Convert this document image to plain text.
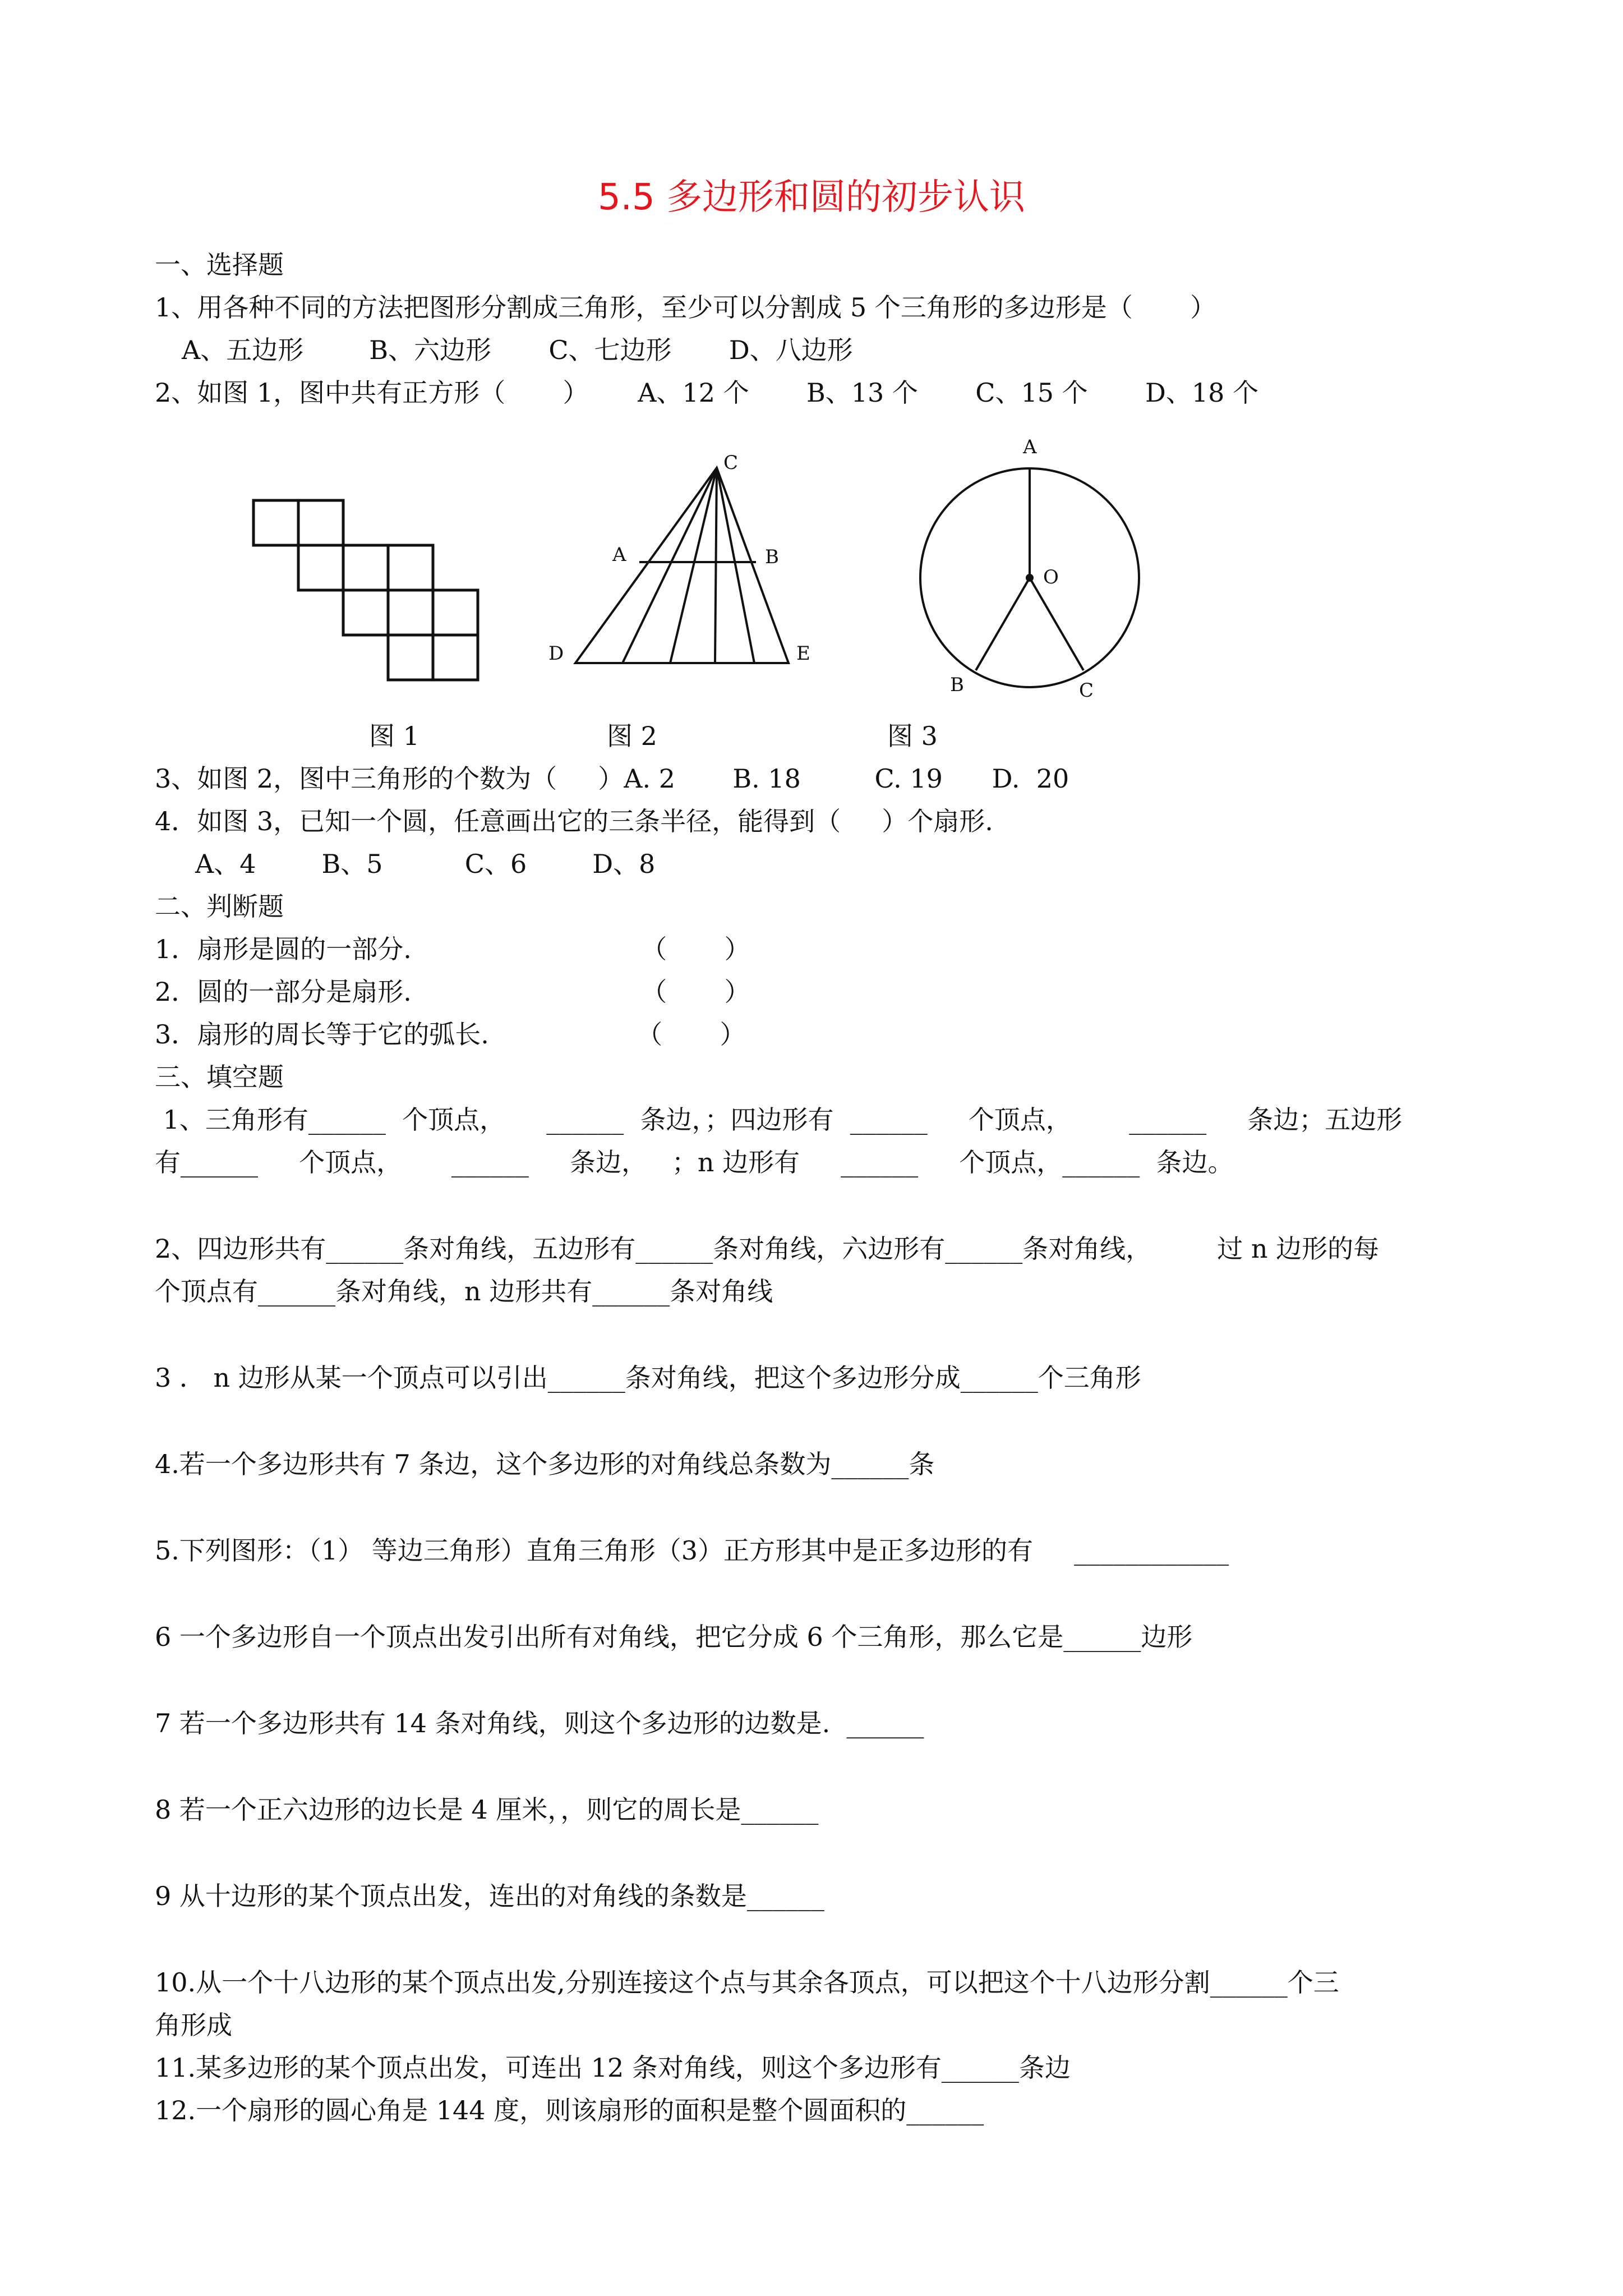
5.5 多边形和圆的初步认识
一、选择题
1、用各种不同的方法把图形分割成三角形，至少可以分割成 5 个三角形的多边形是（       ）
A、五边形        B、六边形       C、七边形       D、八边形
2、如图 1，图中共有正方形（       ）      A、12 个       B、13 个       C、15 个       D、18 个
C
A	B
D	E
A
O
B	C
图 1	图 2	图 3
3、如图 2，图中三角形的个数为（     ）A. 2       B. 18         C. 19      D.  20
4．如图 3，已知一个圆，任意画出它的三条半径，能得到（     ）个扇形.
A、4        B、5          C、6        D、8
二、判断题
1．扇形是圆的一部分.                            （       ）
2．圆的一部分是扇形.                            （       ）
3．扇形的周长等于它的弧长.                  （       ）
三、填空题
1、三角形有______  个顶点，     ______  条边，；四边形有  ______     个顶点，       ______     条边；五边形
有______     个顶点，      ______     条边，   ；n 边形有     ______     个顶点，______  条边。
2、四边形共有______条对角线，五边形有______条对角线，六边形有______条对角线，        过 n 边形的每
个顶点有______条对角线，n 边形共有______条对角线
3 ． n 边形从某一个顶点可以引出______条对角线，把这个多边形分成______个三角形
4.若一个多边形共有 7 条边，这个多边形的对角线总条数为______条
5.下列图形：（1） 等边三角形）直角三角形（3）正方形其中是正多边形的有     ____________
6 一个多边形自一个顶点出发引出所有对角线，把它分成 6 个三角形，那么它是______边形
7 若一个多边形共有 14 条对角线，则这个多边形的边数是.  ______
8 若一个正六边形的边长是 4 厘米，，则它的周长是______
9 从十边形的某个顶点出发，连出的对角线的条数是______
10.从一个十八边形的某个顶点出发,分别连接这个点与其余各顶点，可以把这个十八边形分割______个三
角形成
11.某多边形的某个顶点出发，可连出 12 条对角线，则这个多边形有______条边
12.一个扇形的圆心角是 144 度，则该扇形的面积是整个圆面积的______
